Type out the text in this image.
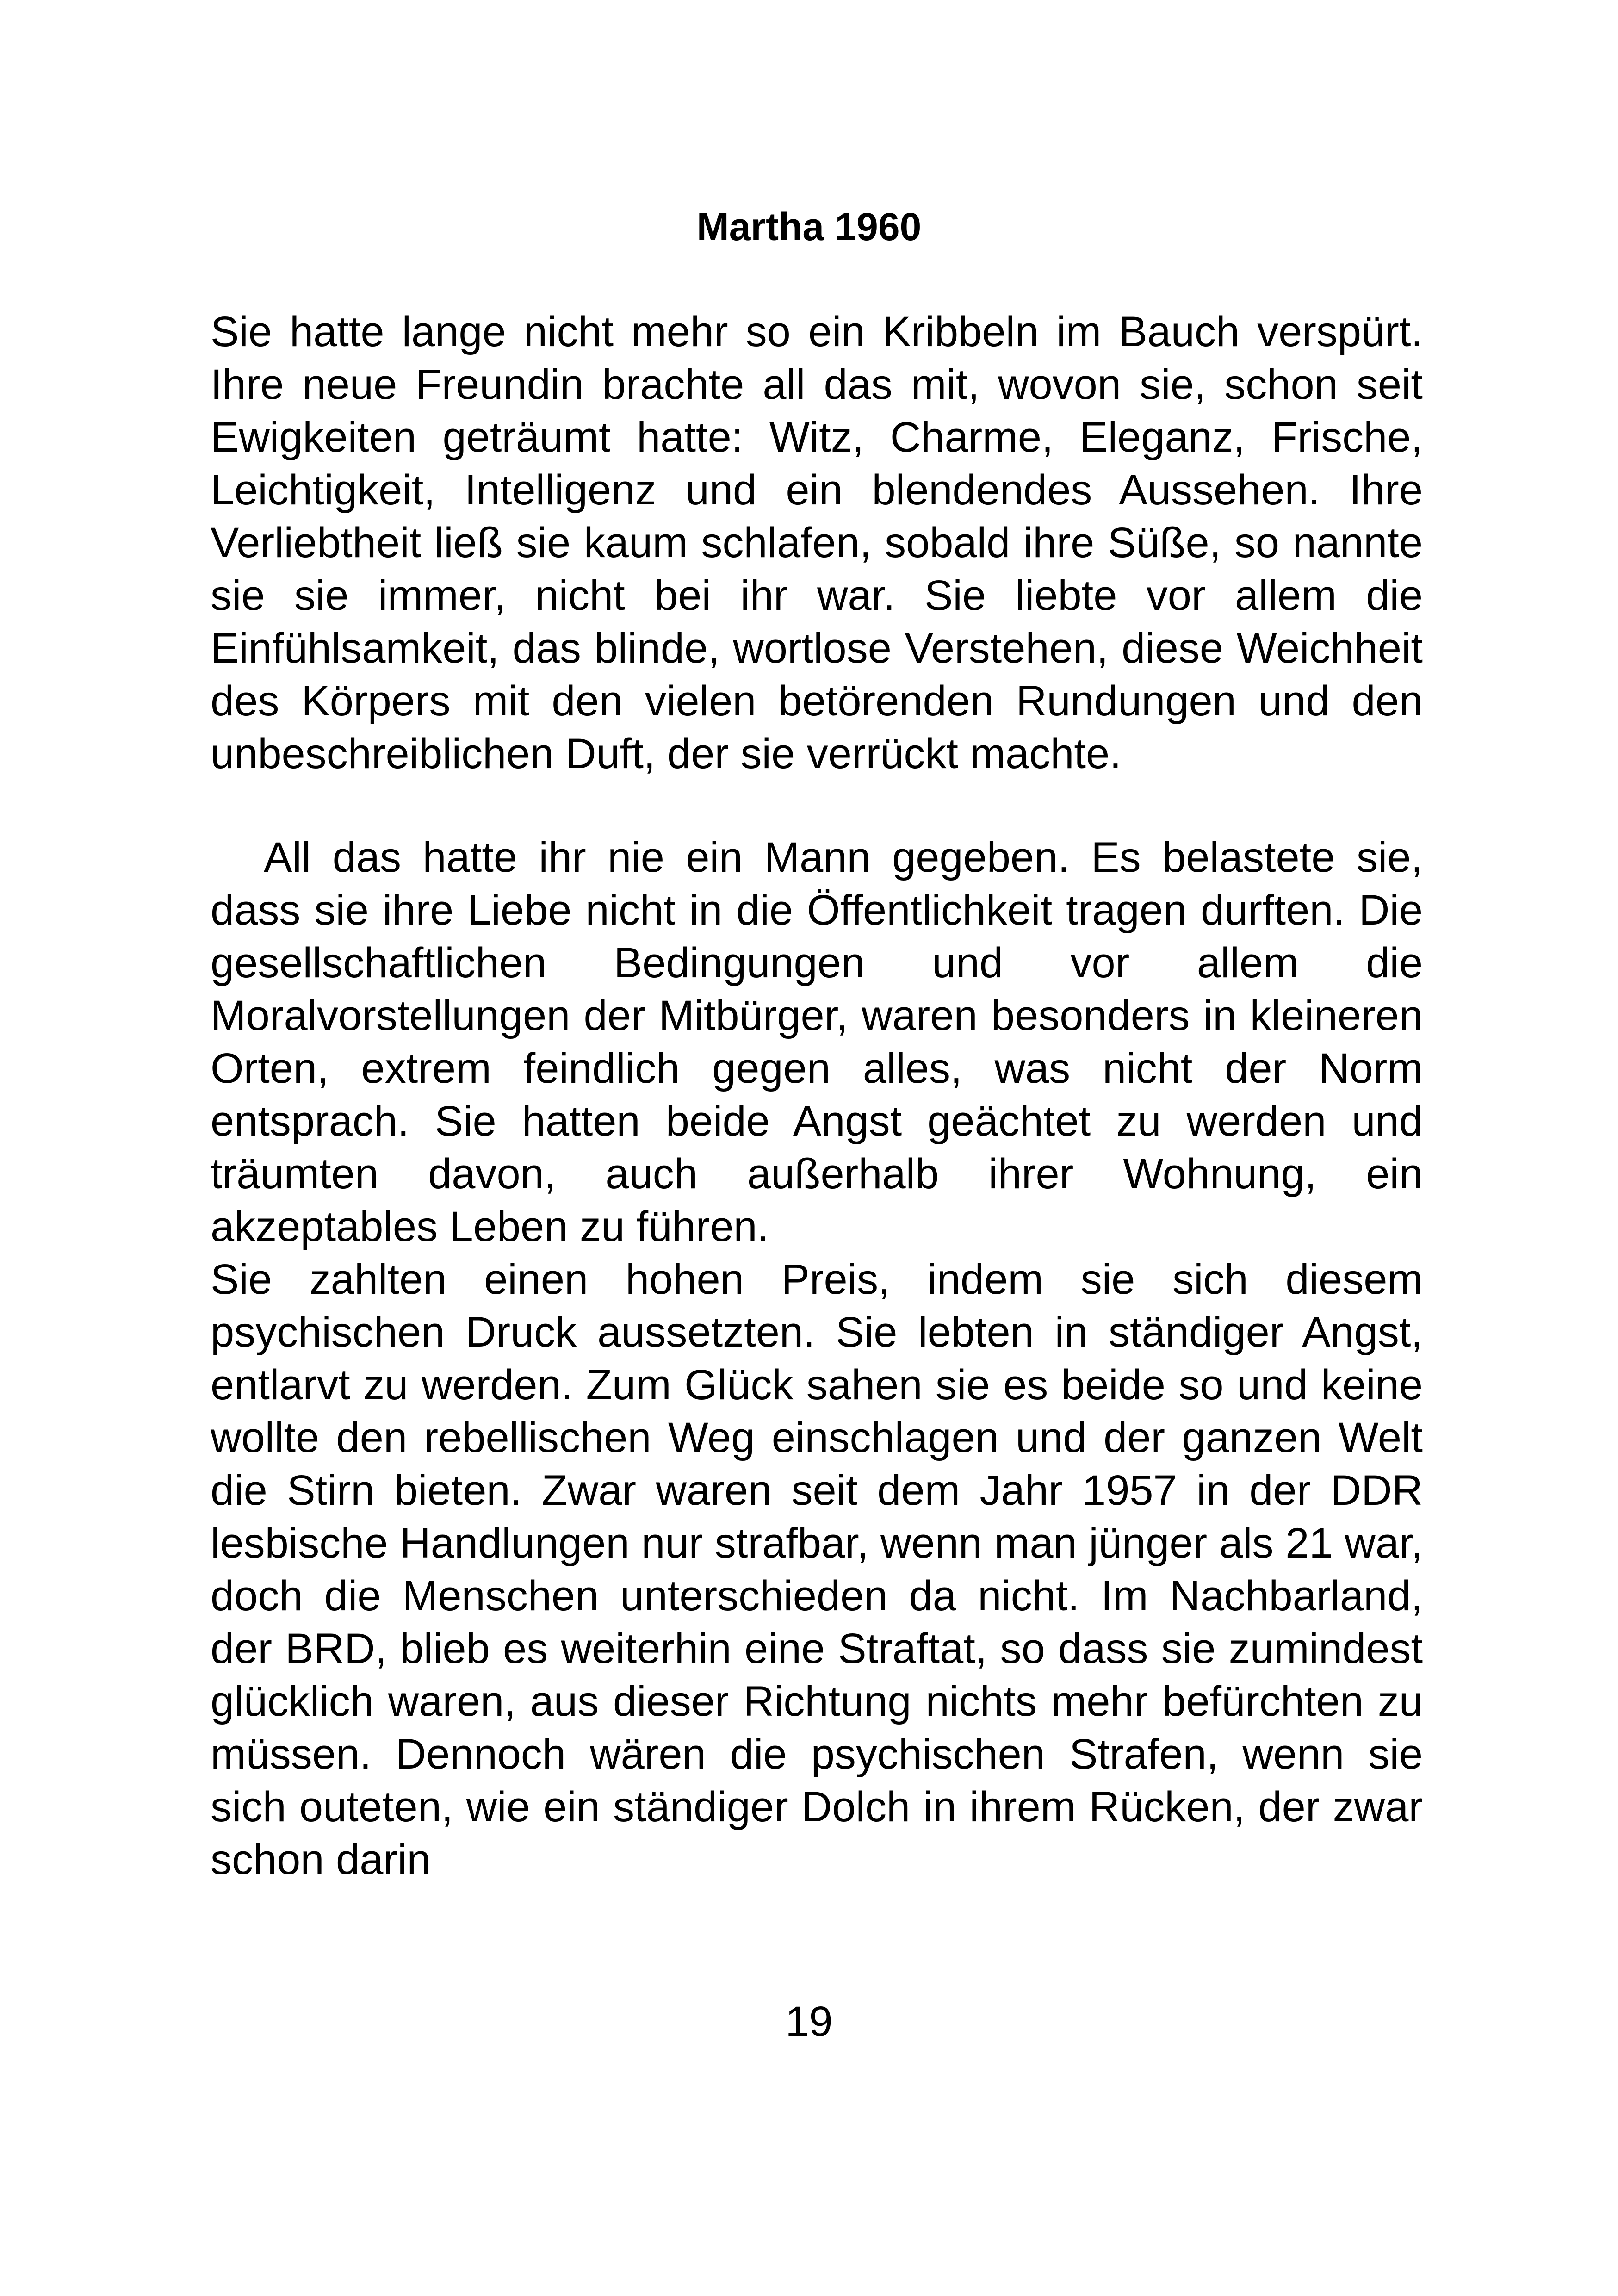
Martha 1960

Sie hatte lange nicht mehr so ein Kribbeln im Bauch verspürt. Ihre neue Freundin brachte all das mit, wovon sie, schon seit Ewigkeiten geträumt hatte: Witz, Charme, Eleganz, Frische, Leichtigkeit, Intelligenz und ein blendendes Aussehen. Ihre Verliebtheit ließ sie kaum schlafen, sobald ihre Süße, so nannte sie sie immer, nicht bei ihr war. Sie liebte vor allem die Einfühlsamkeit, das blinde, wortlose Verstehen, diese Weichheit des Körpers mit den vielen betörenden Rundungen und den unbeschreiblichen Duft, der sie verrückt machte.

All das hatte ihr nie ein Mann gegeben. Es belastete sie, dass sie ihre Liebe nicht in die Öffentlichkeit tragen durften. Die gesellschaftlichen Bedingungen und vor allem die Moralvorstellungen der Mitbürger, waren besonders in kleineren Orten, extrem feindlich gegen alles, was nicht der Norm entsprach. Sie hatten beide Angst geächtet zu werden und träumten davon, auch außerhalb ihrer Wohnung, ein akzeptables Leben zu führen.

Sie zahlten einen hohen Preis, indem sie sich diesem psychischen Druck aussetzten. Sie lebten in ständiger Angst, entlarvt zu werden. Zum Glück sahen sie es beide so und keine wollte den rebellischen Weg einschlagen und der ganzen Welt die Stirn bieten. Zwar waren seit dem Jahr 1957 in der DDR lesbische Handlungen nur strafbar, wenn man jünger als 21 war, doch die Menschen unterschieden da nicht. Im Nachbarland, der BRD, blieb es weiterhin eine Straftat, so dass sie zumindest glücklich waren, aus dieser Richtung nichts mehr befürchten zu müssen. Dennoch wären die psychischen Strafen, wenn sie sich outeten, wie ein ständiger Dolch in ihrem Rücken, der zwar schon darin

19
